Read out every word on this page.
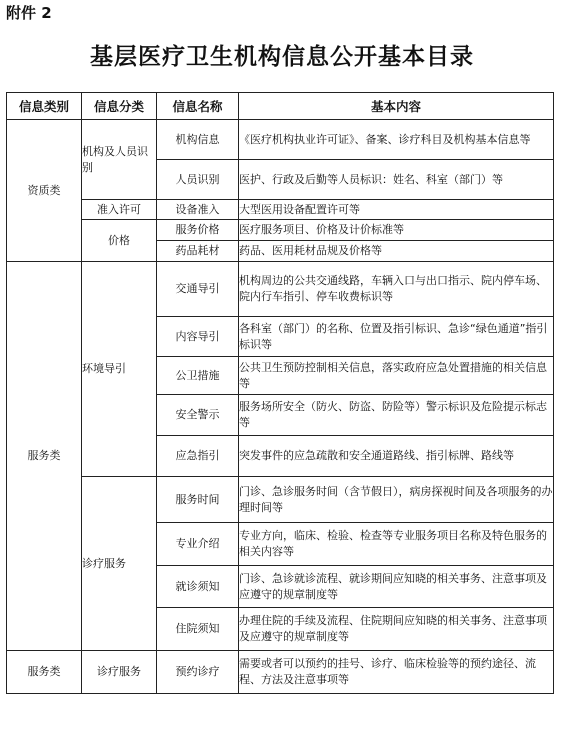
附件 2
基层医疗卫生机构信息公开基本目录
信息类别	信息分类	信息名称	基本内容
资质类	机构及人员识别	机构信息	《医疗机构执业许可证》、备案、诊疗科目及机构基本信息等
		人员识别	医护、行政及后勤等人员标识：姓名、科室（部门）等
	准入许可	设备准入	大型医用设备配置许可等
	价格	服务价格	医疗服务项目、价格及计价标准等
		药品耗材	药品、医用耗材品规及价格等
服务类	环境导引	交通导引	机构周边的公共交通线路，车辆入口与出口指示、院内停车场、院内行车指引、停车收费标识等
		内容导引	各科室（部门）的名称、位置及指引标识、急诊“绿色通道”指引标识等
		公卫措施	公共卫生预防控制相关信息，落实政府应急处置措施的相关信息等
		安全警示	服务场所安全（防火、防盗、防险等）警示标识及危险提示标志等
		应急指引	突发事件的应急疏散和安全通道路线、指引标牌、路线等
	诊疗服务	服务时间	门诊、急诊服务时间（含节假日），病房探视时间及各项服务的办理时间等
		专业介绍	专业方向，临床、检验、检查等专业服务项目名称及特色服务的相关内容等
		就诊须知	门诊、急诊就诊流程、就诊期间应知晓的相关事务、注意事项及应遵守的规章制度等
		住院须知	办理住院的手续及流程、住院期间应知晓的相关事务、注意事项及应遵守的规章制度等
服务类	诊疗服务	预约诊疗	需要或者可以预约的挂号、诊疗、临床检验等的预约途径、流程、方法及注意事项等
